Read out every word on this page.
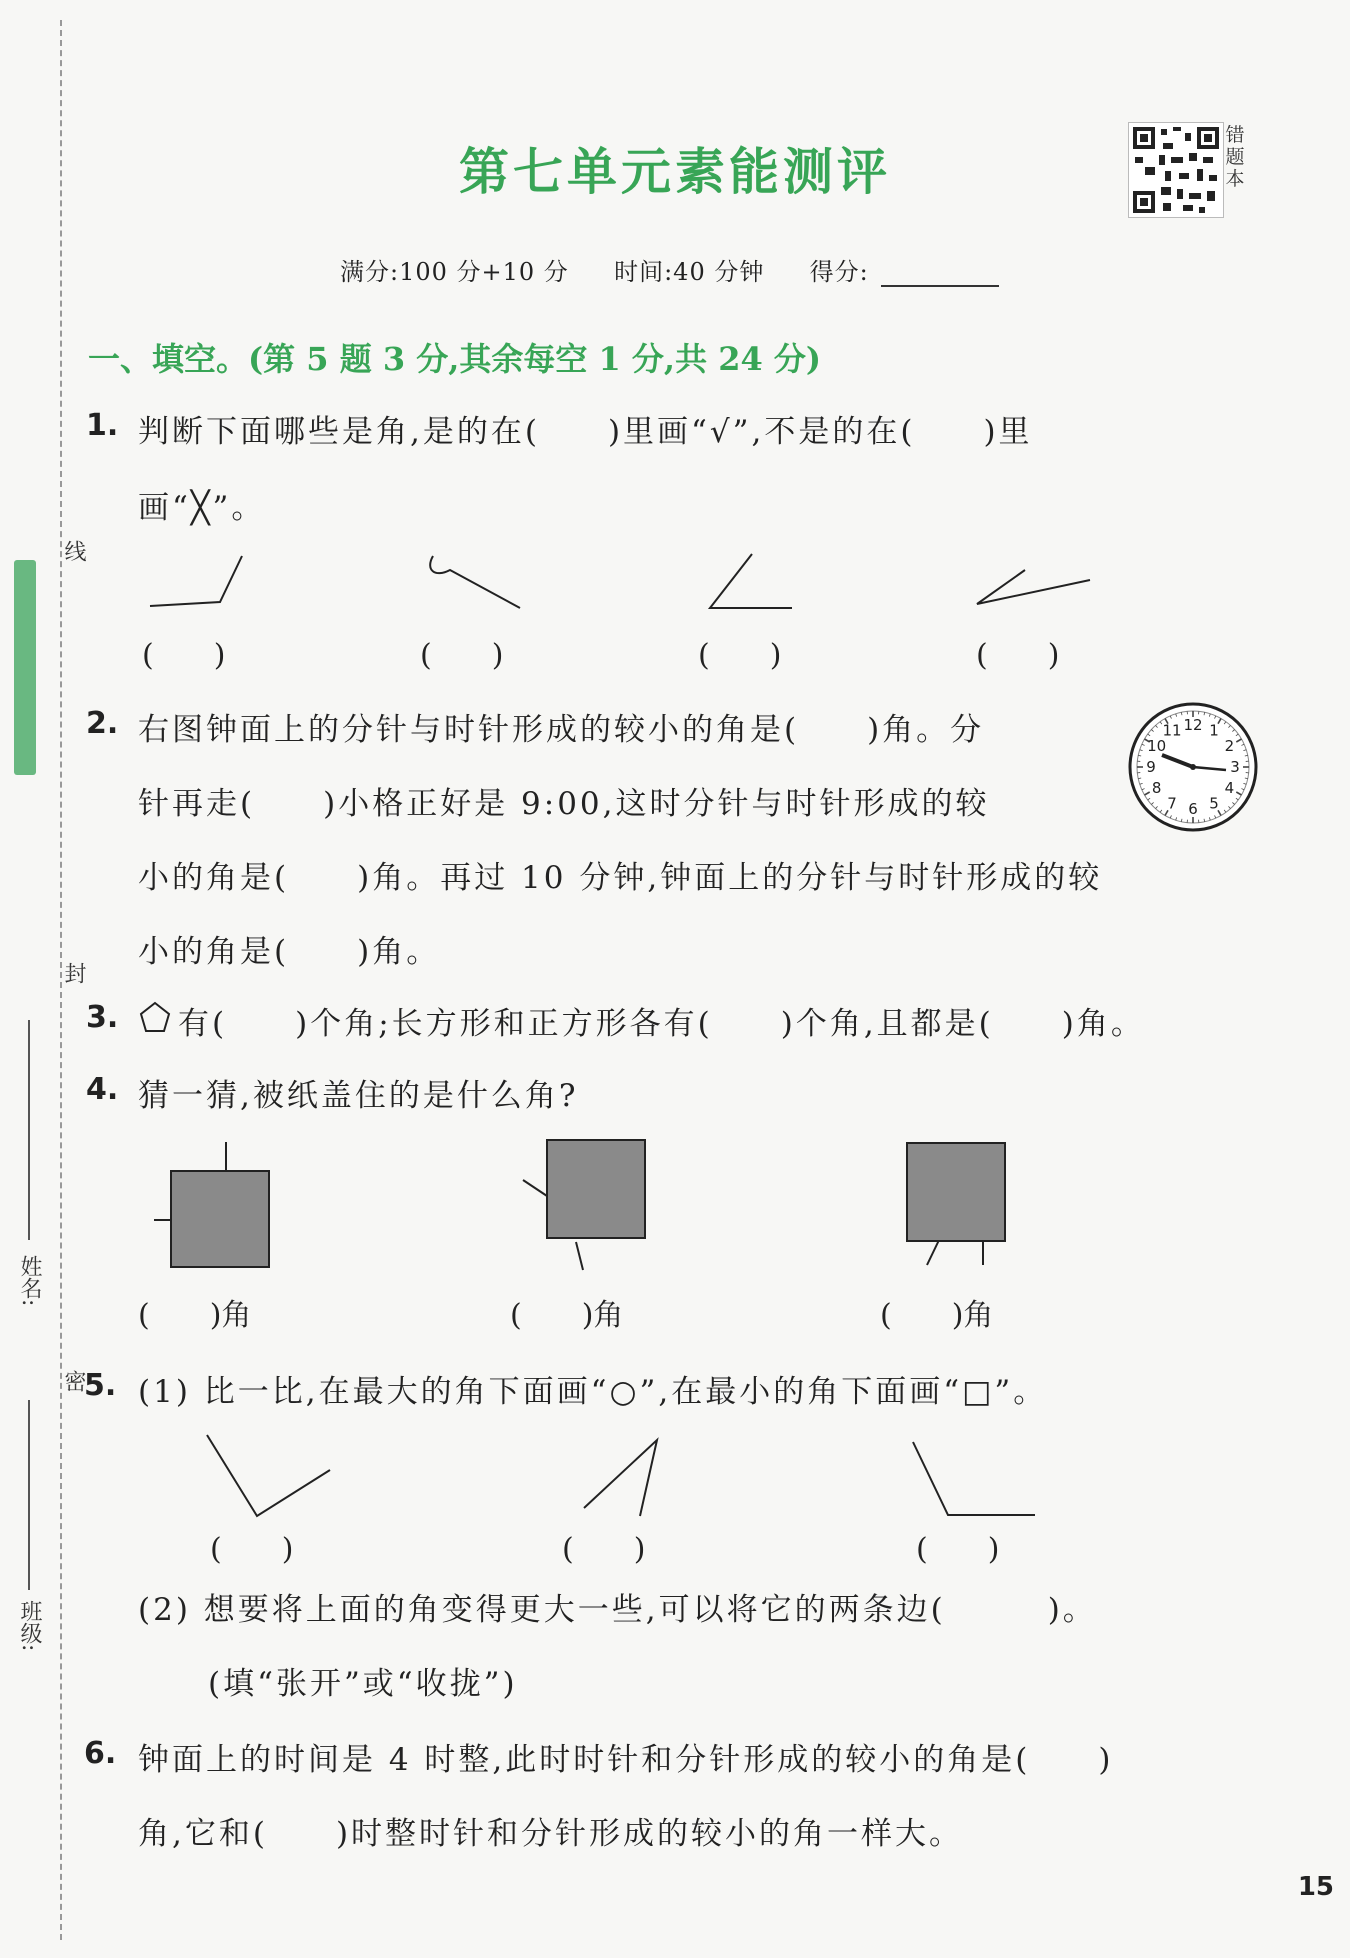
线
封
密
姓名:
班级:
第七单元素能测评
错题本
满分:100 分+10 分 时间:40 分钟 得分:
一、填空。(第 5 题 3 分,其余每空 1 分,共 24 分)
1. 判断下面哪些是角,是的在(　　)里画“√”,不是的在(　　)里
画“╳”。
(　　)	(　　)	(　　)	(　　)
2. 右图钟面上的分针与时针形成的较小的角是(　　)角。分
针再走(　　)小格正好是 9:00,这时分针与时针形成的较
小的角是(　　)角。再过 10 分钟,钟面上的分针与时针形成的较
小的角是(　　)角。
12 1
2
3
4
5
6
7
8
9
10
11
3. 有(　　)个角;长方形和正方形各有(　　)个角,且都是(　　)角。
4. 猜一猜,被纸盖住的是什么角?
(　　)角	(　　)角	(　　)角
5. (1) 比一比,在最大的角下面画“○”,在最小的角下面画“□”。
(　　)	(　　)	(　　)
(2) 想要将上面的角变得更大一些,可以将它的两条边(　　　)。
(填“张开”或“收拢”)
6. 钟面上的时间是 4 时整,此时时针和分针形成的较小的角是(　　)
角,它和(　　)时整时针和分针形成的较小的角一样大。
15
